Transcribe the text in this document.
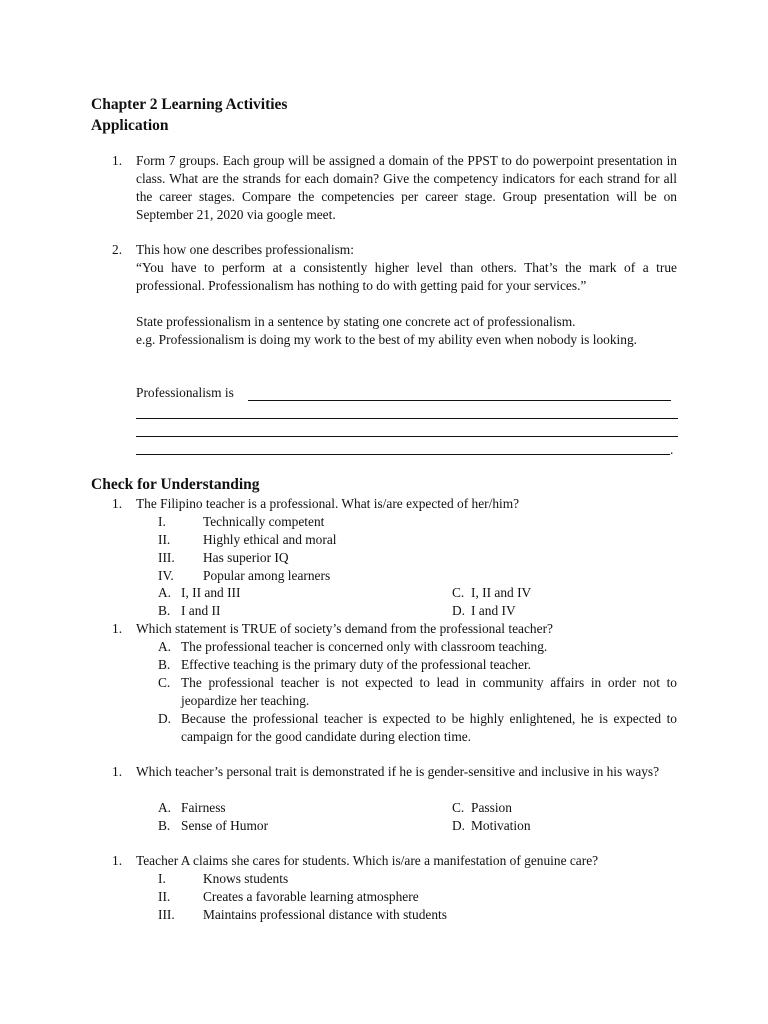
Chapter 2 Learning Activities
Application
1.	Form 7 groups. Each group will be assigned a domain of the PPST to do powerpoint presentation in class. What are the strands for each domain? Give the competency indicators for each strand for all the career stages. Compare the competencies per career stage. Group presentation will be on September 21, 2020 via google meet.
2.	This how one describes professionalism:
“You have to perform at a consistently higher level than others. That’s the mark of a true professional. Professionalism has nothing to do with getting paid for your services.”
State professionalism in a sentence by stating one concrete act of professionalism.
e.g. Professionalism is doing my work to the best of my ability even when nobody is looking.
Professionalism is
.
Check for Understanding
1.	The Filipino teacher is a professional. What is/are expected of her/him?
I.	Technically competent
II.	Highly ethical and moral
III.	Has superior IQ
IV.	Popular among learners
A. I, II and III	C. I, II and IV
B. I and II	D. I and IV
1.	Which statement is TRUE of society’s demand from the professional teacher?
A. The professional teacher is concerned only with classroom teaching.
B. Effective teaching is the primary duty of the professional teacher.
C. The professional teacher is not expected to lead in community affairs in order not to jeopardize her teaching.
D. Because the professional teacher is expected to be highly enlightened, he is expected to campaign for the good candidate during election time.
1.	Which teacher’s personal trait is demonstrated if he is gender-sensitive and inclusive in his ways?
A. Fairness	C. Passion
B. Sense of Humor	D. Motivation
1.	Teacher A claims she cares for students. Which is/are a manifestation of genuine care?
I.	Knows students
II.	Creates a favorable learning atmosphere
III.	Maintains professional distance with students
